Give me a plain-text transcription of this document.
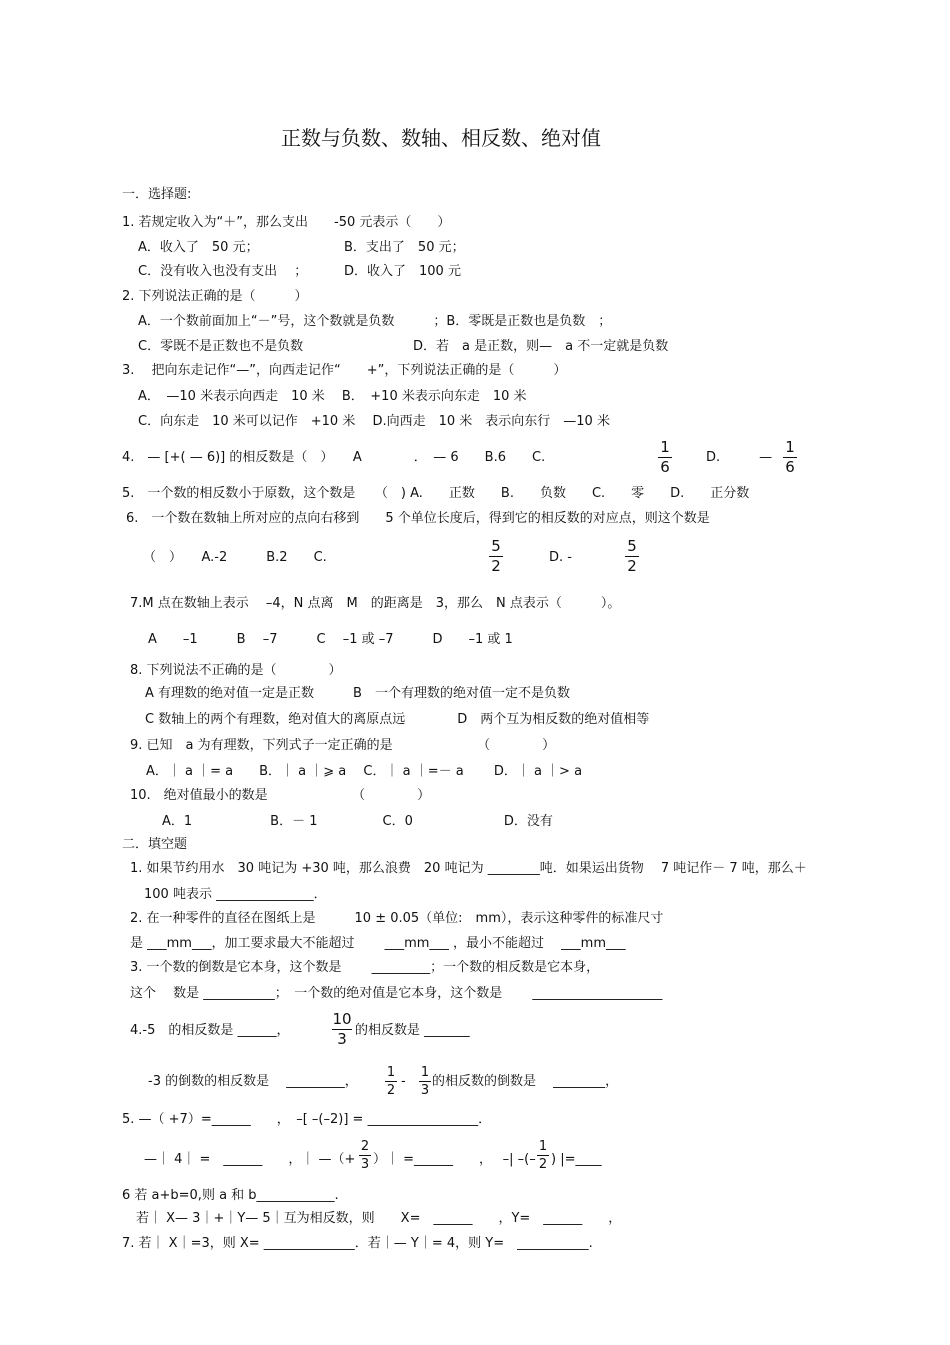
正数与负数、数轴、相反数、绝对值
一．选择题:
1. 若规定收入为“＋”，那么支出　　-50 元表示（　　）
A．收入了　50 元；	B．支出了　50 元；
C．没有收入也没有支出　 ；	D．收入了　100 元
2. 下列说法正确的是（　　　）
A．一个数前面加上“－”号，这个数就是负数　　　；B．零既是正数也是负数　；
C．零既不是正数也不是负数	D．若　a 是正数，则—　a 不一定就是负数
3.　 把向东走记作“—”，向西走记作“　　+”，下列说法正确的是（　　　）
A．　—10 米表示向西走　10 米　 B．　+10 米表示向东走　10 米
C．向东走　10 米可以记作　+10 米　 D.向西走　10 米　表示向东行　—10 米
4.　— [+( — 6)] 的相反数是（　）　　A　　　　．　— 6　　B.6　　C.
1
6
D.　　　—
1
6
5.　一个数的相反数小于原数，这个数是　　（　) A.　　正数　　B.　　负数　　C.　　零　　D.　　正分数
6.　一个数在数轴上所对应的点向右移到　　5 个单位长度后，得到它的相反数的对应点，则这个数是
（　）　　A.-2　　　B.2　　C.
5
2	D. -
5
2
7.M 点在数轴上表示　 –4，N 点离　M　的距离是　3，那么　N 点表示（　　　）。
A　　–1　　　B　 –7　　　C　 –1 或 –7　　　D　　–1 或 1
8. 下列说法不正确的是（　　　　）
A 有理数的绝对值一定是正数　　　B　一个有理数的绝对值一定不是负数
C 数轴上的两个有理数，绝对值大的离原点远　　　　D　两个互为相反数的绝对值相等
9. 已知　a 为有理数，下列式子一定正确的是　　　　　　　（　　　　）
A．｜ a ｜= a　　B．｜ a ｜⩾ a　 C．｜ a ｜=－ a　　 D．｜ a ｜> a
10.　绝对值最小的数是　　　　　　　（　　　　）
A．1　　　　　　B．－ 1　　　　　C．0　　　　　　　D．没有
二．填空题
1. 如果节约用水　30 吨记为 +30 吨，那么浪费　20 吨记为 ________吨．如果运出货物　 7 吨记作－ 7 吨，那么＋
100 吨表示 _______________．
2. 在一种零件的直径在图纸上是　　　10 ± 0.05（单位:　mm），表示这种零件的标准尺寸
是 ___mm___，加工要求最大不能超过　　 ___mm___ ，最小不能超过　 ___mm___
3. 一个数的倒数是它本身，这个数是　　 _________；一个数的相反数是它本身，
这个　 数是 ___________；　一个数的绝对值是它本身，这个数是　　 ____________________
4.-5　的相反数是 ______，
10
3 的相反数是 _______
-3 的倒数的相反数是　 _________，
1
2
-
1
3
的相反数的倒数是　 ________，
5. —（ +7）=______　　，　–[ –(–2)] = _________________．
—｜ 4｜ =　______　　，｜ —（+
2
3 ）｜ =______　　，　 –| –(–
1
2 ) |=____
6 若 a+b=0,则 a 和 b____________.
若｜ X— 3｜+｜Y— 5｜互为相反数，则　　X=　______　　，Y=　______　　，
7. 若｜ X｜=3，则 X= ______________．若｜— Y｜= 4，则 Y=　___________.
